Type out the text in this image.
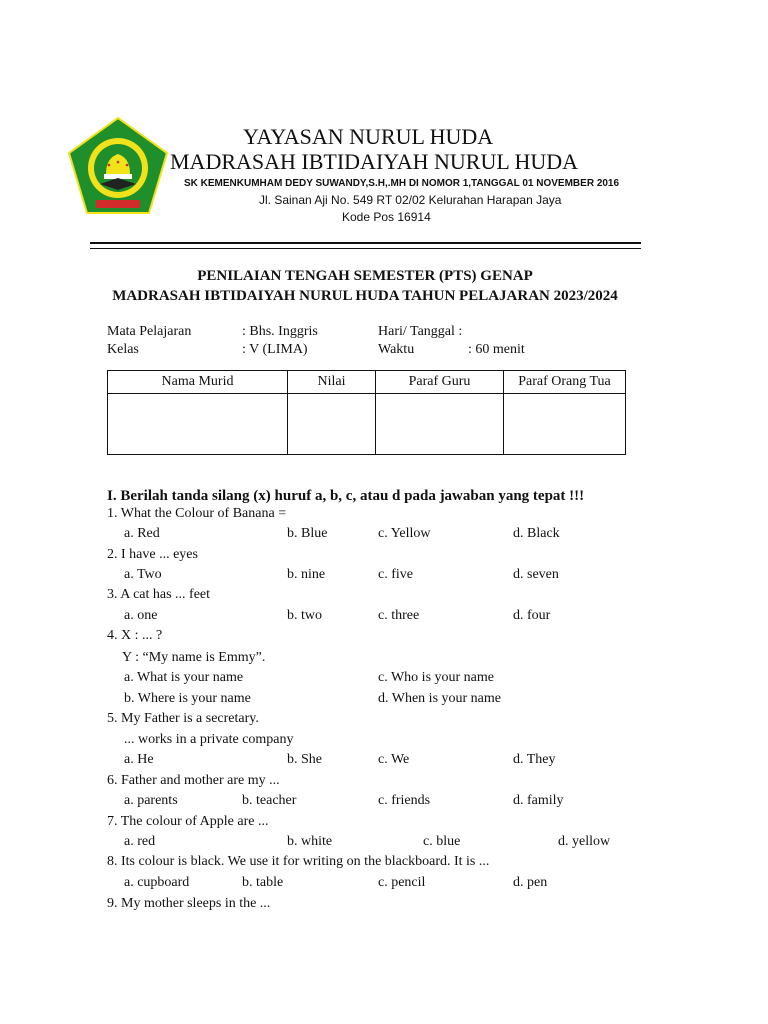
YAYASAN NURUL HUDA
MADRASAH IBTIDAIYAH NURUL HUDA
SK KEMENKUMHAM DEDY SUWANDY,S.H,.MH DI NOMOR 1,TANGGAL 01 NOVEMBER 2016
Jl. Sainan Aji No. 549 RT 02/02 Kelurahan Harapan Jaya
Kode Pos 16914
PENILAIAN TENGAH SEMESTER (PTS) GENAP
MADRASAH IBTIDAIYAH NURUL HUDA TAHUN PELAJARAN 2023/2024
Mata Pelajaran	: Bhs. Inggris	Hari/ Tanggal :
Kelas	: V (LIMA)	Waktu	: 60 menit
Nama Murid	Nilai	Paraf Guru	Paraf Orang Tua

I. Berilah tanda silang (x) huruf a, b, c, atau d pada jawaban yang tepat !!!
1. What the Colour of Banana =
a. Red	b. Blue	c. Yellow	d. Black
2. I have ... eyes
a. Two	b. nine	c. five	d. seven
3. A cat has ... feet
a. one	b. two	c. three	d. four
4. X : ... ?
Y : “My name is Emmy”.
a. What is your name	c. Who is your name
b. Where is your name	d. When is your name
5. My Father is a secretary.
... works in a private company
a. He	b. She	c. We	d. They
6. Father and mother are my ...
a. parents	b. teacher	c. friends	d. family
7. The colour of Apple are ...
a. red	b. white	c. blue	d. yellow
8. Its colour is black. We use it for writing on the blackboard. It is ...
a. cupboard	b. table	c. pencil	d. pen
9. My mother sleeps in the ...
